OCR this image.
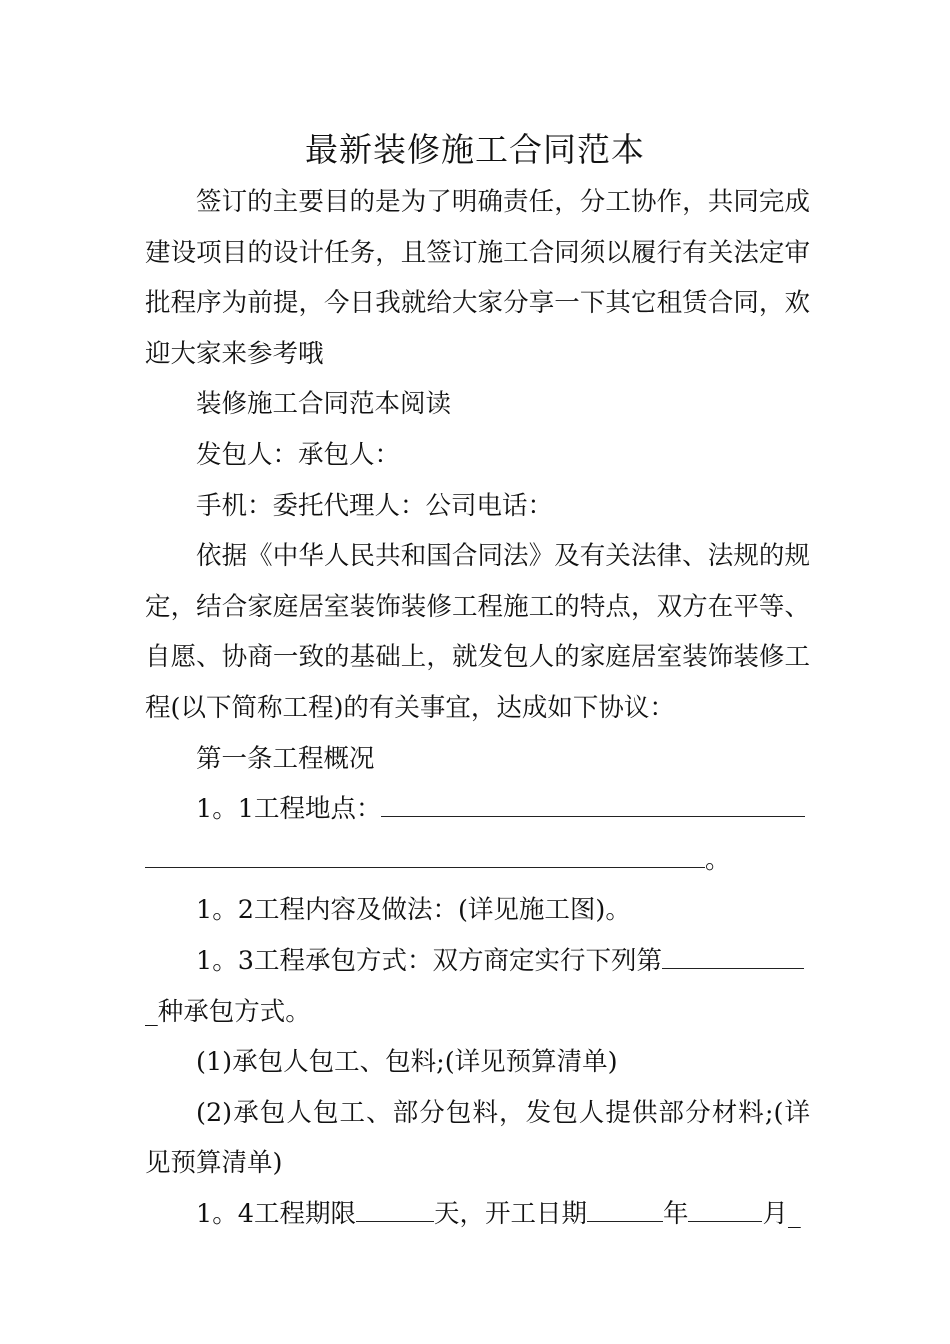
最新装修施工合同范本

签订的主要目的是为了明确责任，分工协作，共同完成建设项目的设计任务，且签订施工合同须以履行有关法定审批程序为前提，今日我就给大家分享一下其它租赁合同，欢迎大家来参考哦

装修施工合同范本阅读

发包人：承包人：

手机：委托代理人：公司电话：

依据《中华人民共和国合同法》及有关法律、法规的规定，结合家庭居室装饰装修工程施工的特点，双方在平等、自愿、协商一致的基础上，就发包人的家庭居室装饰装修工程(以下简称工程)的有关事宜，达成如下协议：

第一条工程概况

1。1工程地点：
。

1。2工程内容及做法：(详见施工图)。

1。3工程承包方式：双方商定实行下列第

_种承包方式。

(1)承包人包工、包料;(详见预算清单)

(2)承包人包工、部分包料，发包人提供部分材料;(详见预算清单)

1。4工程期限	天，开工日期	年	月_
